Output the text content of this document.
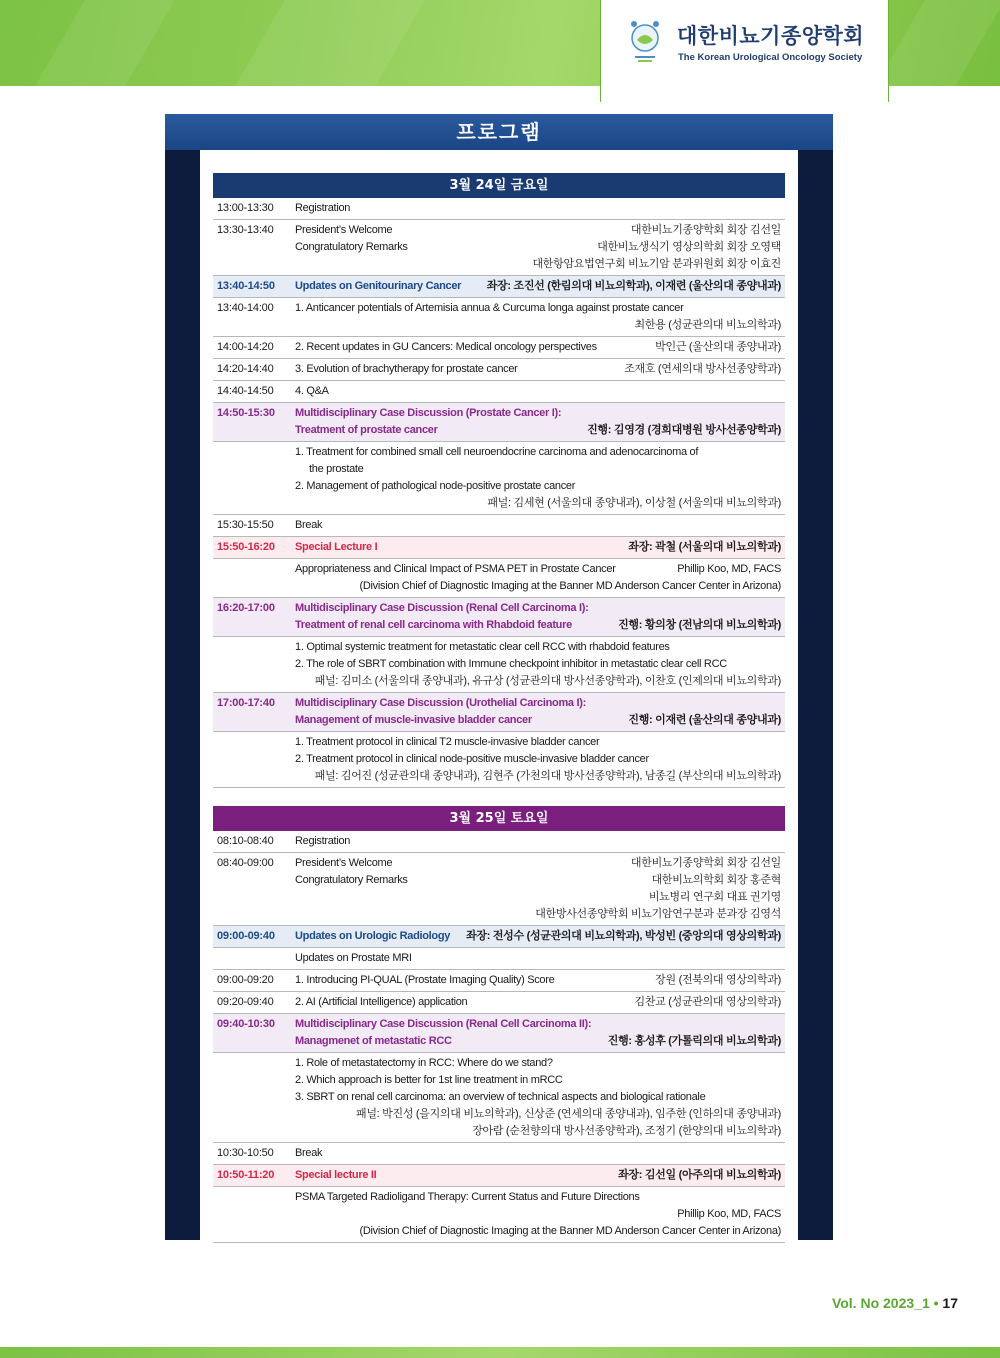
대한비뇨기종양학회
The Korean Urological Oncology Society
프로그램
3월 24일 금요일
13:00-13:30	Registration
13:30-13:40	President’s Welcome	대한비뇨기종양학회 회장 김선일
Congratulatory Remarks	대한비뇨생식기 영상의학회 회장 오영택
대한항암요법연구회 비뇨기암 분과위원회 회장 이효진
13:40-14:50	Updates on Genitourinary Cancer 좌장: 조진선 (한림의대 비뇨의학과), 이재련 (울산의대 종양내과)
13:40-14:00	1. Anticancer potentials of Artemisia annua & Curcuma longa against prostate cancer
최한용 (성균관의대 비뇨의학과)
14:00-14:20	2. Recent updates in GU Cancers: Medical oncology perspectives	박인근 (울산의대 종양내과)
14:20-14:40	3. Evolution of brachytherapy for prostate cancer	조재호 (연세의대 방사선종양학과)
14:40-14:50	4. Q&A
14:50-15:30	Multidisciplinary Case Discussion (Prostate Cancer I):
Treatment of prostate cancer	진행: 김영경 (경희대병원 방사선종양학과)
1. Treatment for combined small cell neuroendocrine carcinoma and adenocarcinoma of
the prostate
2. Management of pathological node-positive prostate cancer
패널: 김세현 (서울의대 종양내과), 이상철 (서울의대 비뇨의학과)
15:30-15:50	Break
15:50-16:20	Special Lecture I	좌장: 곽철 (서울의대 비뇨의학과)
Appropriateness and Clinical Impact of PSMA PET in Prostate Cancer	Phillip Koo, MD, FACS
(Division Chief of Diagnostic Imaging at the Banner MD Anderson Cancer Center in Arizona)
16:20-17:00	Multidisciplinary Case Discussion (Renal Cell Carcinoma I):
Treatment of renal cell carcinoma with Rhabdoid feature	진행: 황의창 (전남의대 비뇨의학과)
1. Optimal systemic treatment for metastatic clear cell RCC with rhabdoid features
2. The role of SBRT combination with Immune checkpoint inhibitor in metastatic clear cell RCC
패널: 김미소 (서울의대 종양내과), 유규상 (성균관의대 방사선종양학과), 이찬호 (인제의대 비뇨의학과)
17:00-17:40	Multidisciplinary Case Discussion (Urothelial Carcinoma I):
Management of muscle-invasive bladder cancer	진행: 이재련 (울산의대 종양내과)
1. Treatment protocol in clinical T2 muscle-invasive bladder cancer
2. Treatment protocol in clinical node-positive muscle-invasive bladder cancer
패널: 김어진 (성균관의대 종양내과), 김현주 (가천의대 방사선종양학과), 남종길 (부산의대 비뇨의학과)
3월 25일 토요일
08:10-08:40	Registration
08:40-09:00	President’s Welcome	대한비뇨기종양학회 회장 김선일
Congratulatory Remarks	대한비뇨의학회 회장 홍준혁
비뇨병리 연구회 대표 권기영
대한방사선종양학회 비뇨기암연구분과 분과장 김영석
09:00-09:40	Updates on Urologic Radiology 좌장: 전성수 (성균관의대 비뇨의학과), 박성빈 (중앙의대 영상의학과)
Updates on Prostate MRI
09:00-09:20	1. Introducing PI-QUAL (Prostate Imaging Quality) Score	장원 (전북의대 영상의학과)
09:20-09:40	2. AI (Artificial Intelligence) application	김찬교 (성균관의대 영상의학과)
09:40-10:30	Multidisciplinary Case Discussion (Renal Cell Carcinoma II):
Managmenet of metastatic RCC	진행: 홍성후 (가톨릭의대 비뇨의학과)
1. Role of metastatectomy in RCC: Where do we stand?
2. Which approach is better for 1st line treatment in mRCC
3. SBRT on renal cell carcinoma: an overview of technical aspects and biological rationale
패널: 박진성 (을지의대 비뇨의학과), 신상준 (연세의대 종양내과), 임주한 (인하의대 종양내과)
장아람 (순천향의대 방사선종양학과), 조정기 (한양의대 비뇨의학과)
10:30-10:50	Break
10:50-11:20	Special lecture II	좌장: 김선일 (아주의대 비뇨의학과)
PSMA Targeted Radioligand Therapy: Current Status and Future Directions
Phillip Koo, MD, FACS
(Division Chief of Diagnostic Imaging at the Banner MD Anderson Cancer Center in Arizona)
Vol. No 2023_1 • 17
